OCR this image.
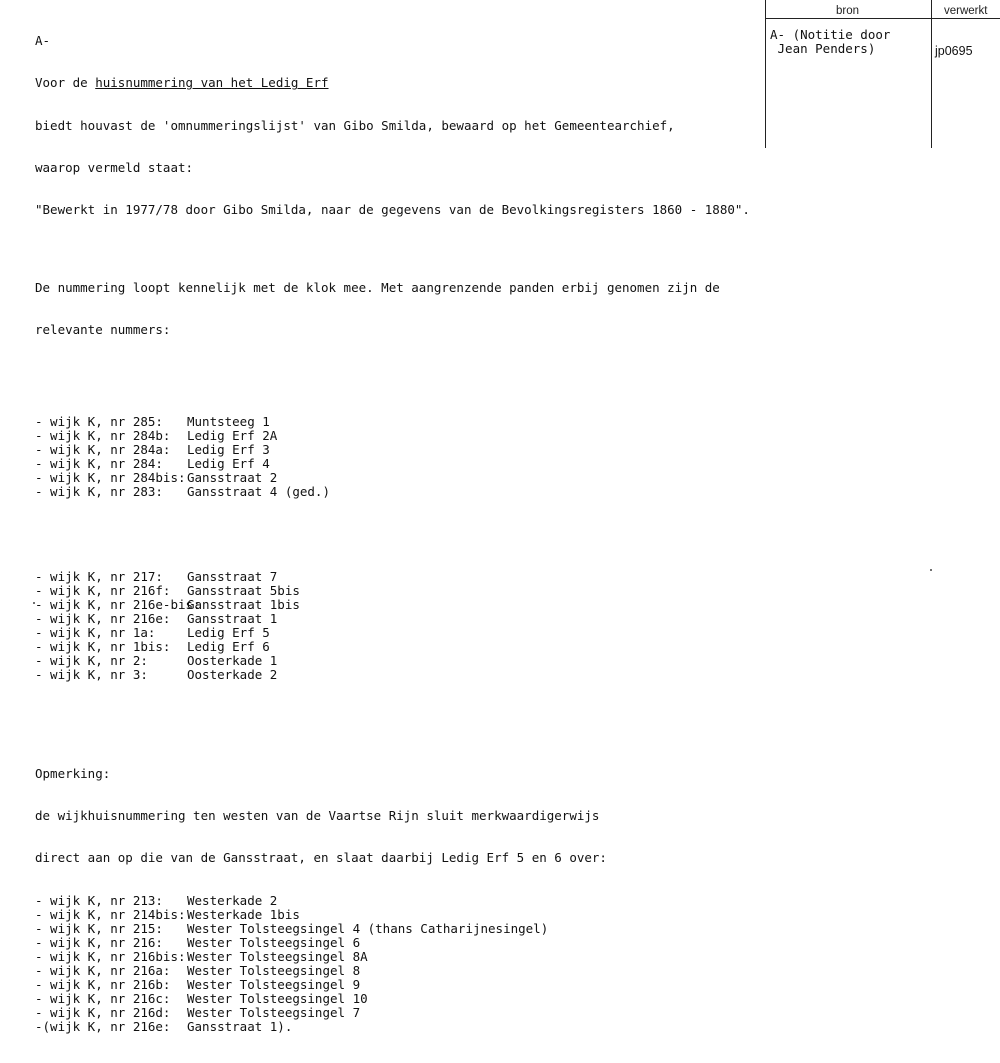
A-

Voor de huisnummering van het Ledig Erf

biedt houvast de 'omnummeringslijst' van Gibo Smilda, bewaard op het Gemeentearchief,

waarop vermeld staat:

"Bewerkt in 1977/78 door Gibo Smilda, naar de gegevens van de Bevolkingsregisters 1860 - 1880".

De nummering loopt kennelijk met de klok mee. Met aangrenzende panden erbij genomen zijn de

relevante nummers:

- wijk K, nr 285: Muntsteeg 1
- wijk K, nr 284b: Ledig Erf 2A
- wijk K, nr 284a: Ledig Erf 3
- wijk K, nr 284: Ledig Erf 4
- wijk K, nr 284bis:Gansstraat 2
- wijk K, nr 283: Gansstraat 4 (ged.)

- wijk K, nr 217: Gansstraat 7
- wijk K, nr 216f: Gansstraat 5bis
- wijk K, nr 216e-bis:Gansstraat 1bis
- wijk K, nr 216e: Gansstraat 1
- wijk K, nr 1a:	Ledig Erf 5
- wijk K, nr 1bis: Ledig Erf 6
- wijk K, nr 2:	Oosterkade 1
- wijk K, nr 3:	Oosterkade 2

Opmerking:

de wijkhuisnummering ten westen van de Vaartse Rijn sluit merkwaardigerwijs

direct aan op die van de Gansstraat, en slaat daarbij Ledig Erf 5 en 6 over:

- wijk K, nr 213: Westerkade 2
- wijk K, nr 214bis:Westerkade 1bis
- wijk K, nr 215: Wester Tolsteegsingel 4 (thans Catharijnesingel)
- wijk K, nr 216: Wester Tolsteegsingel 6
- wijk K, nr 216bis:Wester Tolsteegsingel 8A
- wijk K, nr 216a: Wester Tolsteegsingel 8
- wijk K, nr 216b: Wester Tolsteegsingel 9
- wijk K, nr 216c: Wester Tolsteegsingel 10
- wijk K, nr 216d: Wester Tolsteegsingel 7
-(wijk K, nr 216e: Gansstraat 1).

bron	verwerkt
A- (Notitie door
Jean Penders)	jp0695
